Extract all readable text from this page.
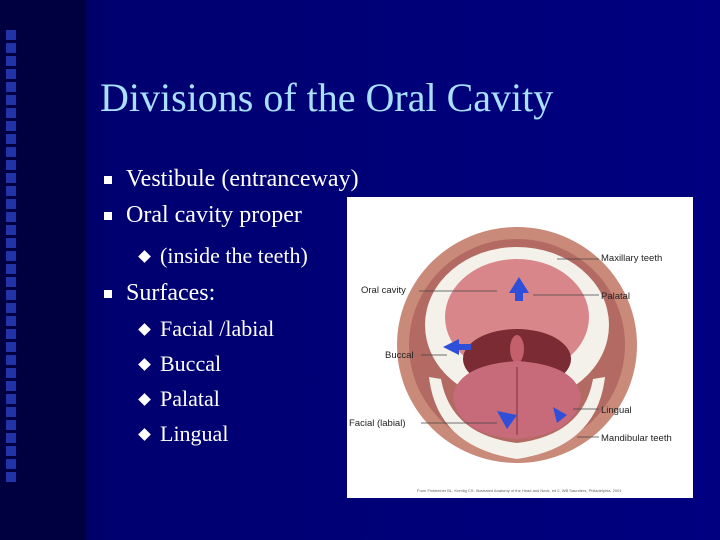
Divisions of the Oral Cavity
Vestibule (entranceway)
Oral cavity proper
(inside the teeth)
Surfaces:
Facial /labial
Buccal
Palatal
Lingual
Maxillary teeth
Oral cavity
Palatal
Buccal
Lingual
Facial (labial)
Mandibular teeth
From Finkbeiner BL, Krenlig CS: Illustrated Anatomy of the Head and Neck, ed 2, WB Saunders, Philadelphia, 2001
